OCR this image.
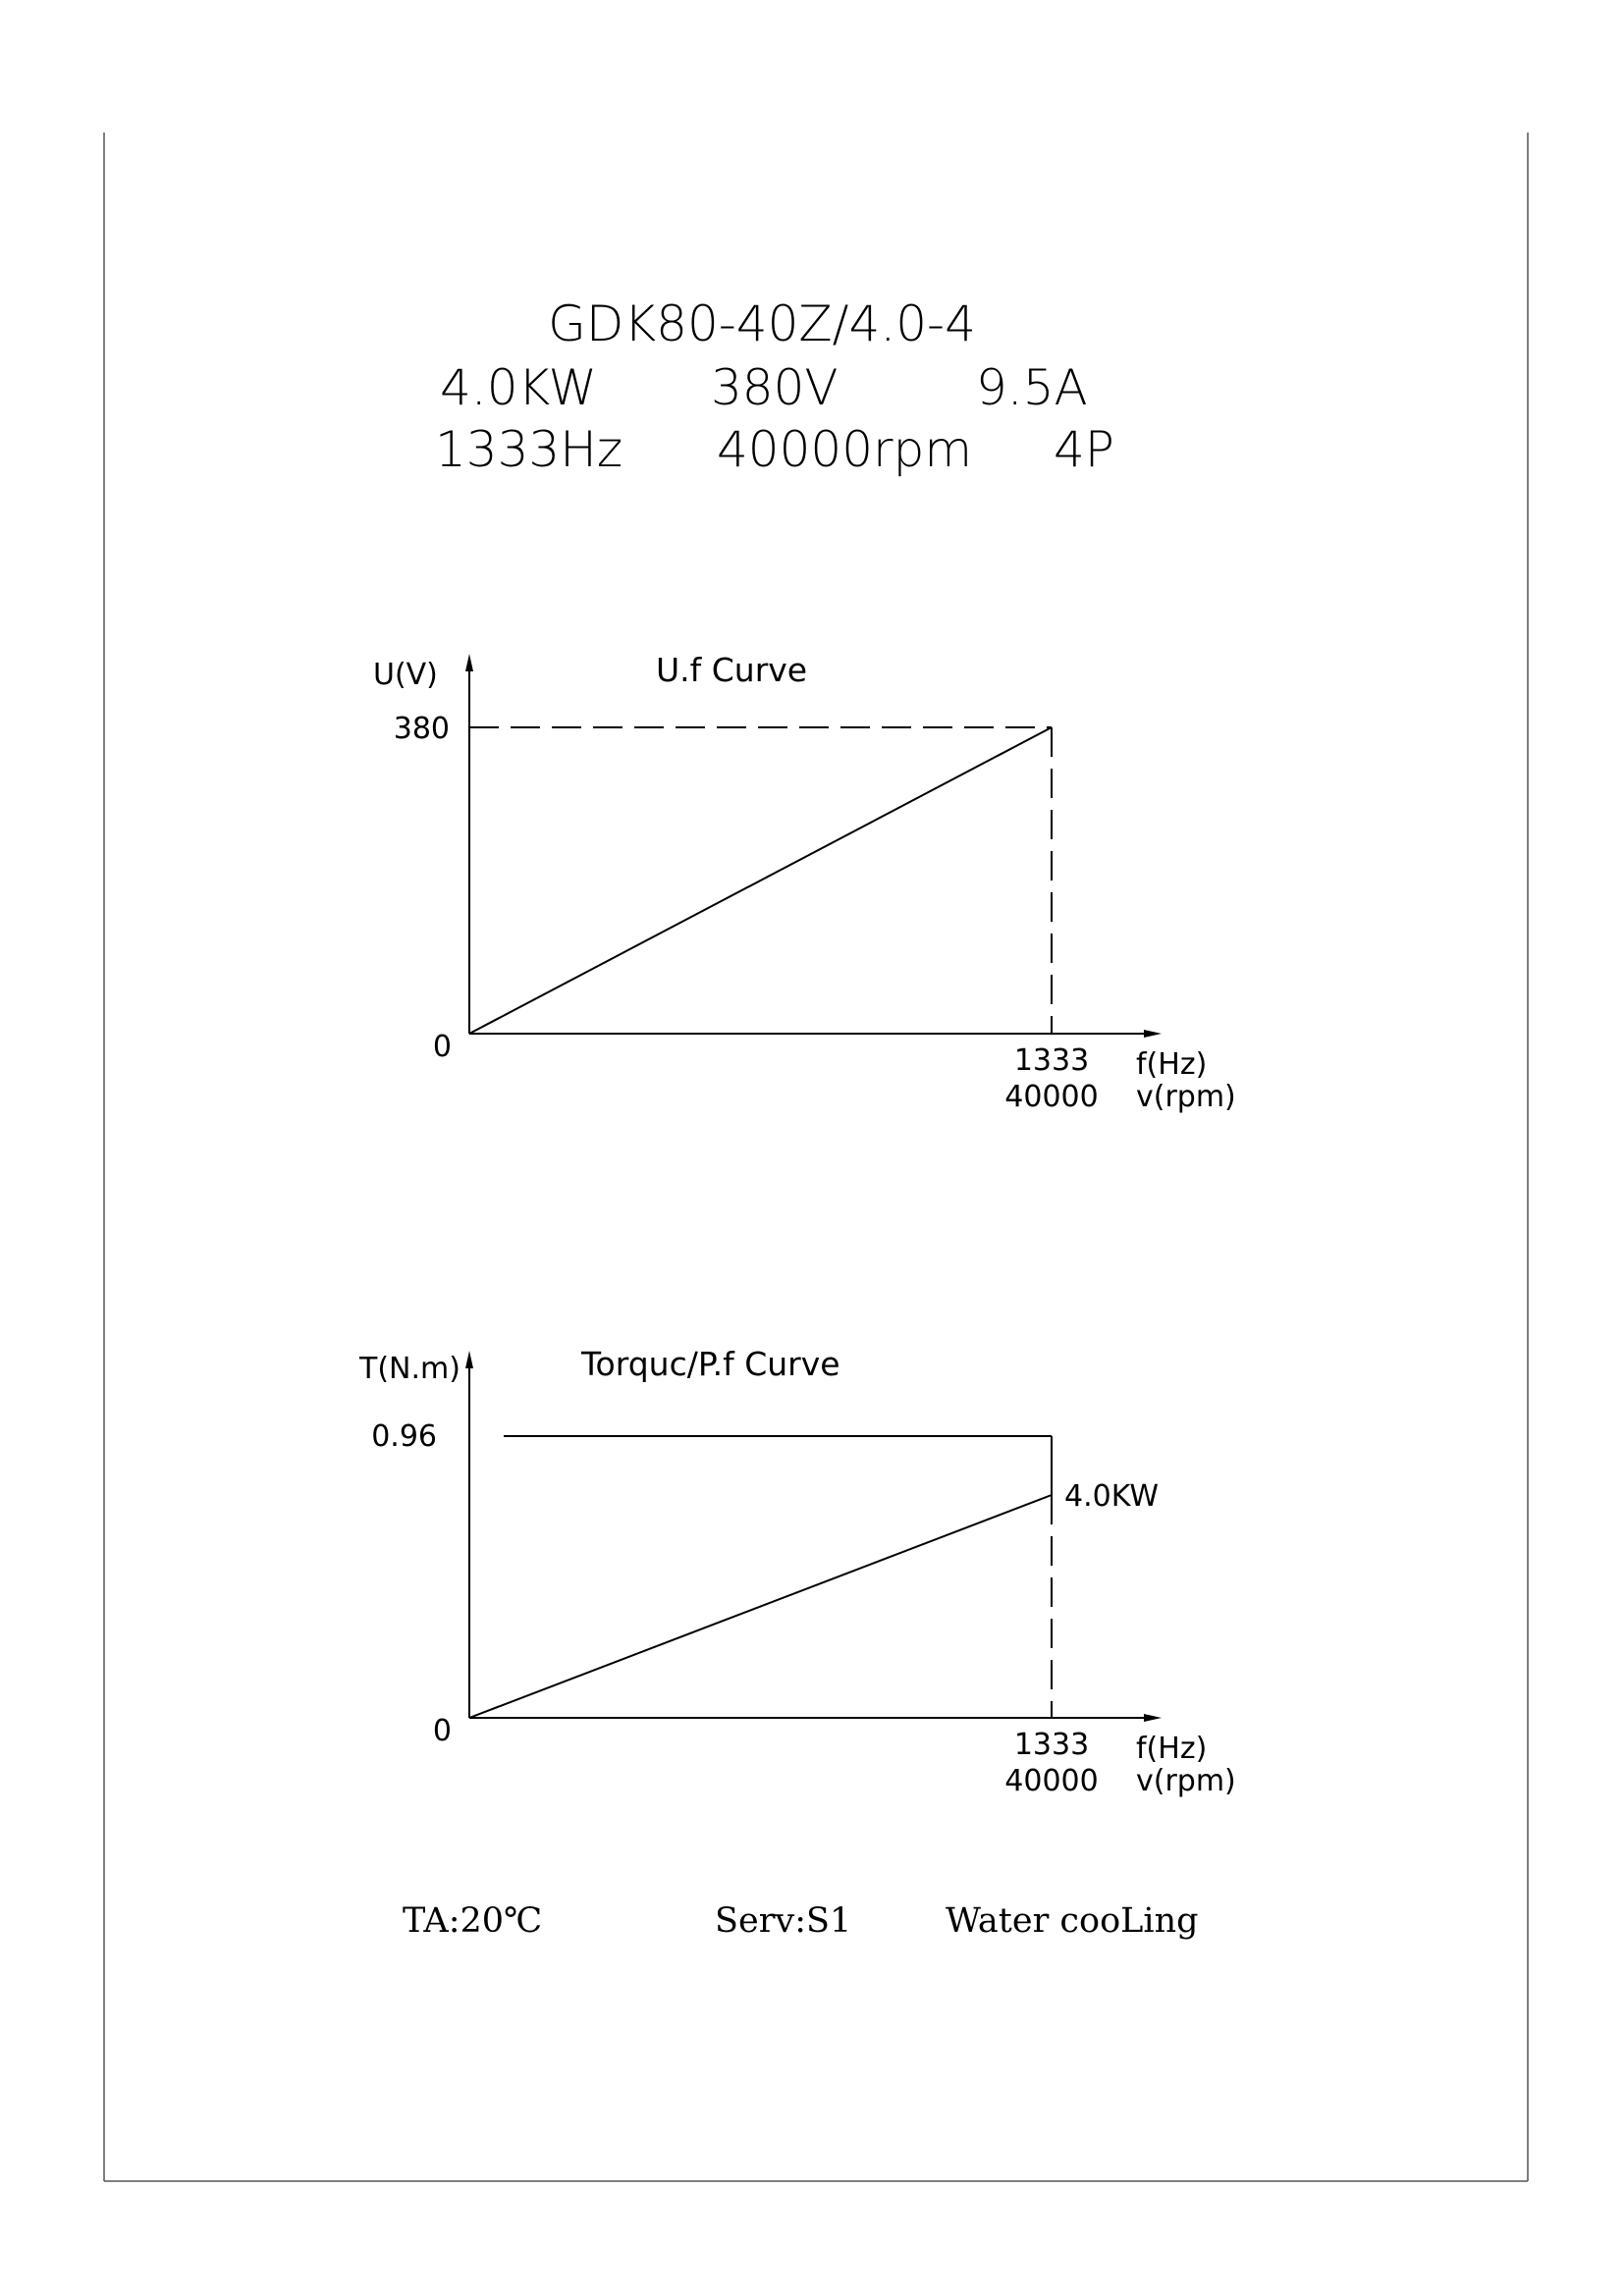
GDK80-40Z/4.0-4
4.0KW 380V	9.5A
1333Hz 40000rpm 4P
U.f Curve
U(V)
380
0	1333
40000
f(Hz)
v(rpm)
Torquc/P.f Curve
T(N.m)
0.96
4.0KW
0	1333
40000
f(Hz)
v(rpm)
TA:20℃	Serv:S1	Water cooLing
